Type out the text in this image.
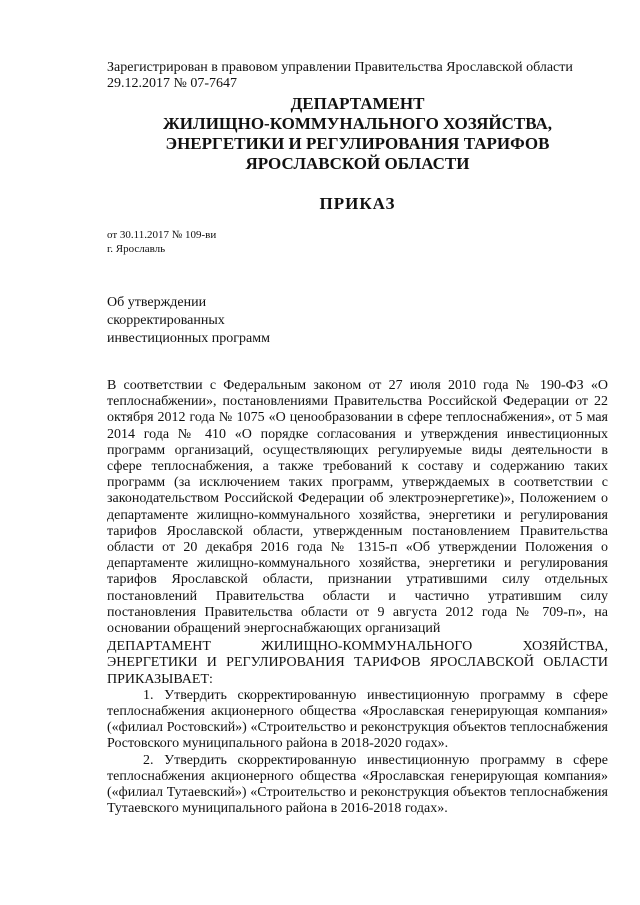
Зарегистрирован в правовом управлении Правительства Ярославской области
29.12.2017 № 07-7647
ДЕПАРТАМЕНТ
ЖИЛИЩНО-КОММУНАЛЬНОГО ХОЗЯЙСТВА,
ЭНЕРГЕТИКИ И РЕГУЛИРОВАНИЯ ТАРИФОВ
ЯРОСЛАВСКОЙ ОБЛАСТИ
ПРИКАЗ
от 30.11.2017 № 109-ви
г. Ярославль
Об утверждении
скорректированных
инвестиционных программ

В соответствии с Федеральным законом от 27 июля 2010 года № 190-ФЗ «О теплоснабжении», постановлениями Правительства Российской Федерации от 22 октября 2012 года № 1075 «О ценообразовании в сфере теплоснабжения», от 5 мая 2014 года № 410 «О порядке согласования и утверждения инвестиционных программ организаций, осуществляющих регулируемые виды деятельности в сфере теплоснабжения, а также требований к составу и содержанию таких программ (за исключением таких программ, утверждаемых в соответствии с законодательством Российской Федерации об электроэнергетике)», Положением о департаменте жилищно-коммунального хозяйства, энергетики и регулирования тарифов Ярославской области, утвержденным постановлением Правительства области от 20 декабря 2016 года № 1315-п «Об утверждении Положения о департаменте жилищно-коммунального хозяйства, энергетики и регулирования тарифов Ярославской области, признании утратившими силу отдельных постановлений Правительства области и частично утратившим силу постановления Правительства области от 9 августа 2012 года № 709-п», на основании обращений энергоснабжающих организаций

ДЕПАРТАМЕНТ ЖИЛИЩНО-КОММУНАЛЬНОГО ХОЗЯЙСТВА, ЭНЕРГЕТИКИ И РЕГУЛИРОВАНИЯ ТАРИФОВ ЯРОСЛАВСКОЙ ОБЛАСТИ ПРИКАЗЫВАЕТ:

1. Утвердить скорректированную инвестиционную программу в сфере теплоснабжения акционерного общества «Ярославская генерирующая компания» («филиал Ростовский») «Строительство и реконструкция объектов теплоснабжения Ростовского муниципального района в 2018-2020 годах».

2. Утвердить скорректированную инвестиционную программу в сфере теплоснабжения акционерного общества «Ярославская генерирующая компания» («филиал Тутаевский») «Строительство и реконструкция объектов теплоснабжения Тутаевского муниципального района в 2016-2018 годах».
